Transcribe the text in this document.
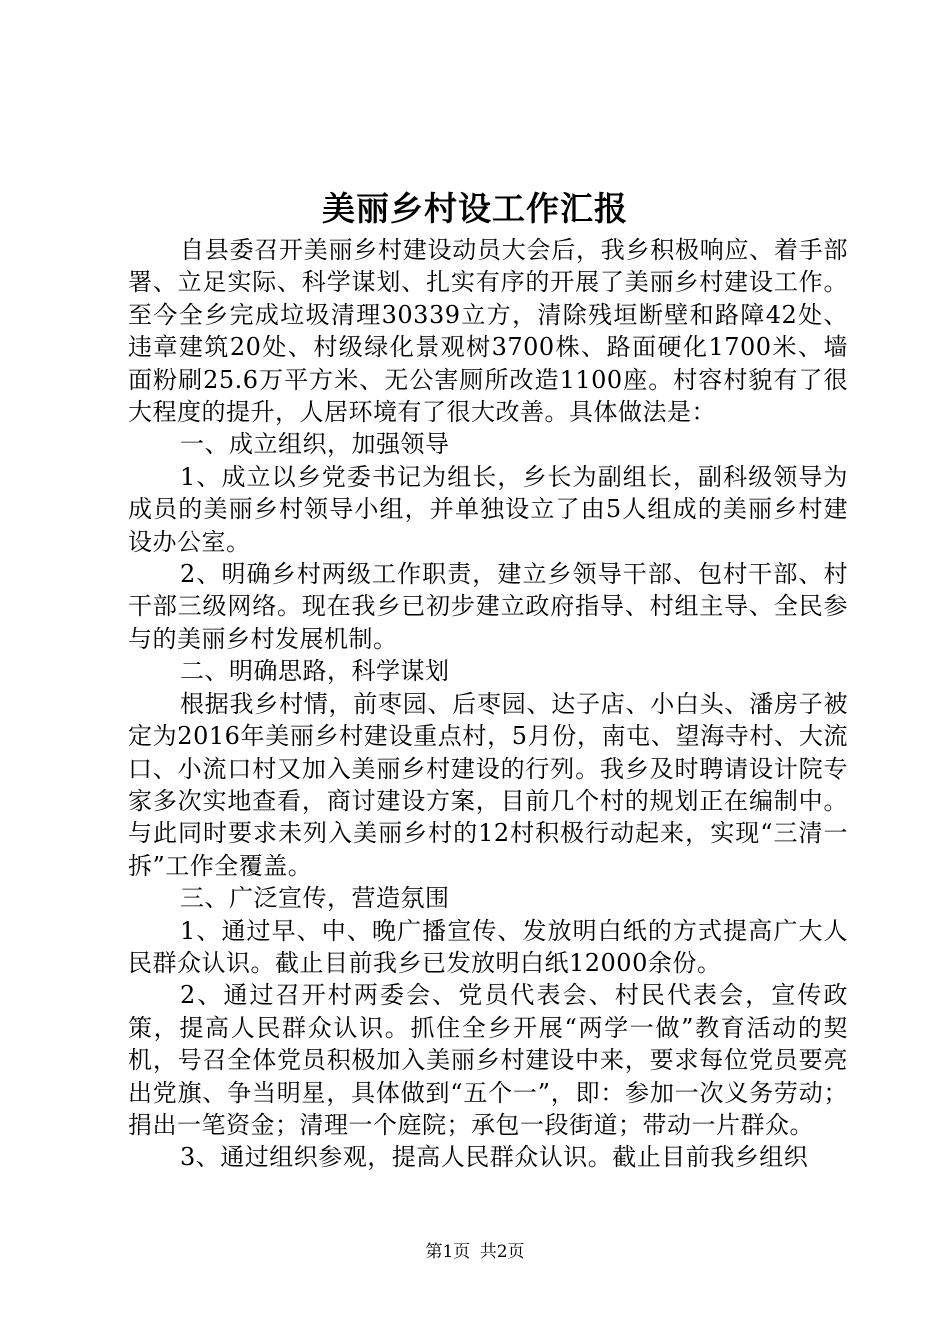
美丽乡村设工作汇报

自县委召开美丽乡村建设动员大会后，我乡积极响应、着手部署、立足实际、科学谋划、扎实有序的开展了美丽乡村建设工作。至今全乡完成垃圾清理30339立方，清除残垣断壁和路障42处、违章建筑20处、村级绿化景观树3700株、路面硬化1700米、墙面粉刷25.6万平方米、无公害厕所改造1100座。村容村貌有了很大程度的提升，人居环境有了很大改善。具体做法是：

一、成立组织，加强领导

1、成立以乡党委书记为组长，乡长为副组长，副科级领导为成员的美丽乡村领导小组，并单独设立了由5人组成的美丽乡村建设办公室。

2、明确乡村两级工作职责，建立乡领导干部、包村干部、村干部三级网络。现在我乡已初步建立政府指导、村组主导、全民参与的美丽乡村发展机制。

二、明确思路，科学谋划

根据我乡村情，前枣园、后枣园、达子店、小白头、潘房子被定为2016年美丽乡村建设重点村，5月份，南屯、望海寺村、大流口、小流口村又加入美丽乡村建设的行列。我乡及时聘请设计院专家多次实地查看，商讨建设方案，目前几个村的规划正在编制中。与此同时要求未列入美丽乡村的12村积极行动起来，实现“三清一拆”工作全覆盖。

三、广泛宣传，营造氛围

1、通过早、中、晚广播宣传、发放明白纸的方式提高广大人民群众认识。截止目前我乡已发放明白纸12000余份。

2、通过召开村两委会、党员代表会、村民代表会，宣传政策，提高人民群众认识。抓住全乡开展“两学一做”教育活动的契机，号召全体党员积极加入美丽乡村建设中来，要求每位党员要亮出党旗、争当明星，具体做到“五个一”，即：参加一次义务劳动；捐出一笔资金；清理一个庭院；承包一段街道；带动一片群众。

3、通过组织参观，提高人民群众认识。截止目前我乡组织

第1页 共2页
